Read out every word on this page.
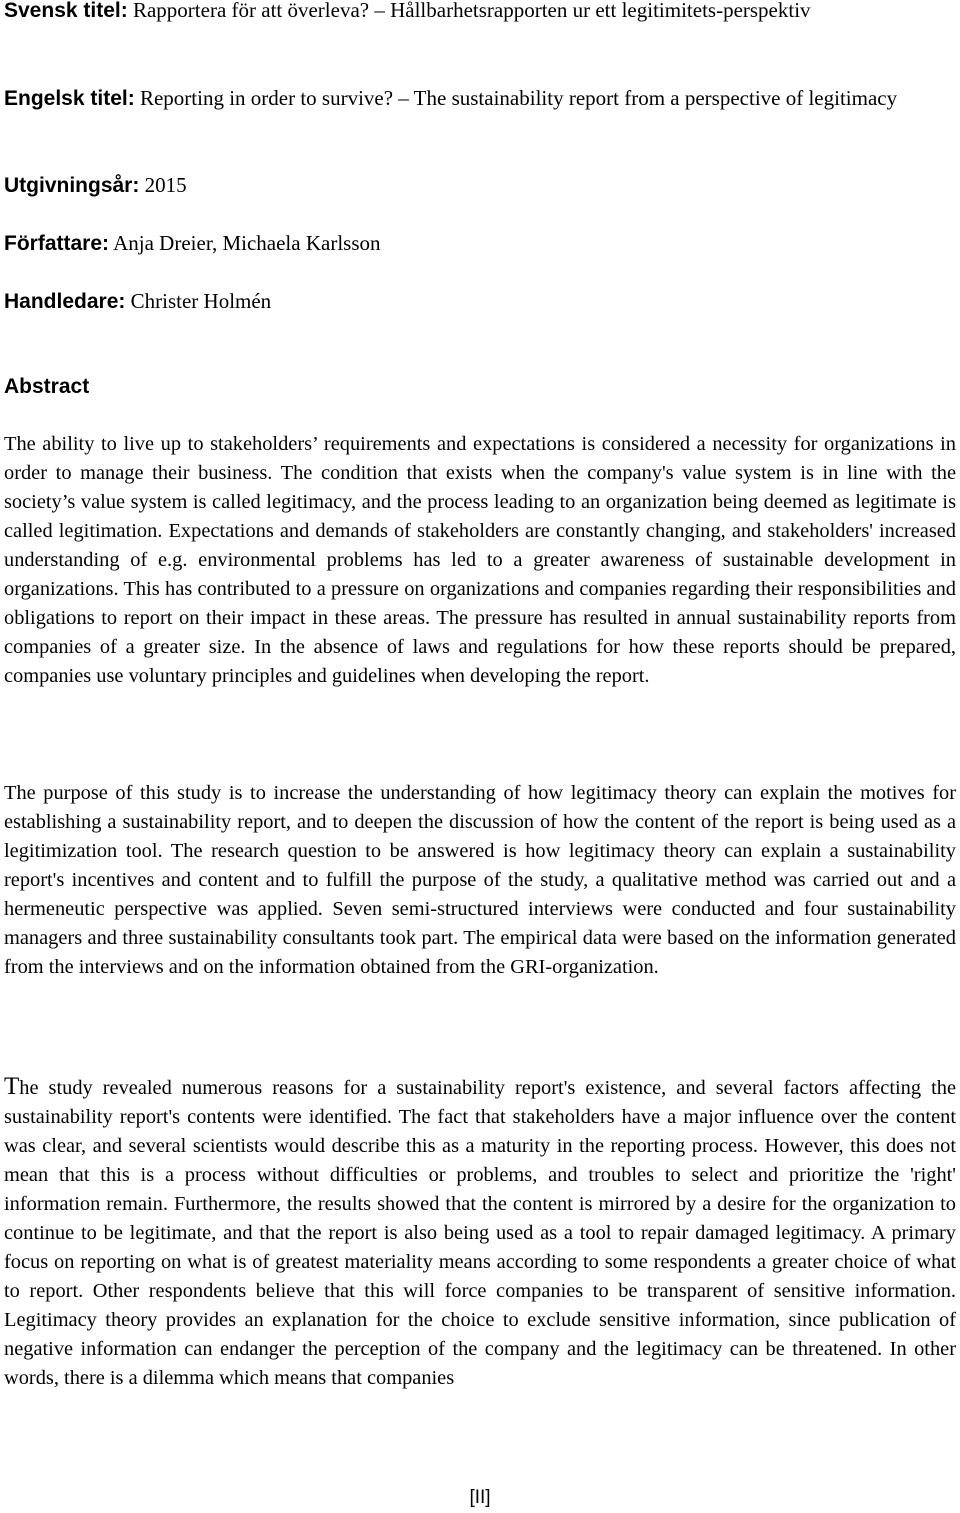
Svensk titel: Rapportera för att överleva? – Hållbarhetsrapporten ur ett legitimitets-perspektiv

Engelsk titel: Reporting in order to survive? – The sustainability report from a perspective of legitimacy

Utgivningsår: 2015

Författare: Anja Dreier, Michaela Karlsson

Handledare: Christer Holmén

Abstract

The ability to live up to stakeholders’ requirements and expectations is considered a necessity for organizations in order to manage their business. The condition that exists when the company's value system is in line with the society’s value system is called legitimacy, and the process leading to an organization being deemed as legitimate is called legitimation. Expectations and demands of stakeholders are constantly changing, and stakeholders' increased understanding of e.g. environmental problems has led to a greater awareness of sustainable development in organizations. This has contributed to a pressure on organizations and companies regarding their responsibilities and obligations to report on their impact in these areas. The pressure has resulted in annual sustainability reports from companies of a greater size. In the absence of laws and regulations for how these reports should be prepared, companies use voluntary principles and guidelines when developing the report.

The purpose of this study is to increase the understanding of how legitimacy theory can explain the motives for establishing a sustainability report, and to deepen the discussion of how the content of the report is being used as a legitimization tool. The research question to be answered is how legitimacy theory can explain a sustainability report's incentives and content and to fulfill the purpose of the study, a qualitative method was carried out and a hermeneutic perspective was applied. Seven semi-structured interviews were conducted and four sustainability managers and three sustainability consultants took part. The empirical data were based on the information generated from the interviews and on the information obtained from the GRI-organization.

The study revealed numerous reasons for a sustainability report's existence, and several factors affecting the sustainability report's contents were identified. The fact that stakeholders have a major influence over the content was clear, and several scientists would describe this as a maturity in the reporting process. However, this does not mean that this is a process without difficulties or problems, and troubles to select and prioritize the 'right' information remain. Furthermore, the results showed that the content is mirrored by a desire for the organization to continue to be legitimate, and that the report is also being used as a tool to repair damaged legitimacy. A primary focus on reporting on what is of greatest materiality means according to some respondents a greater choice of what to report. Other respondents believe that this will force companies to be transparent of sensitive information. Legitimacy theory provides an explanation for the choice to exclude sensitive information, since publication of negative information can endanger the perception of the company and the legitimacy can be threatened. In other words, there is a dilemma which means that companies

[II]
